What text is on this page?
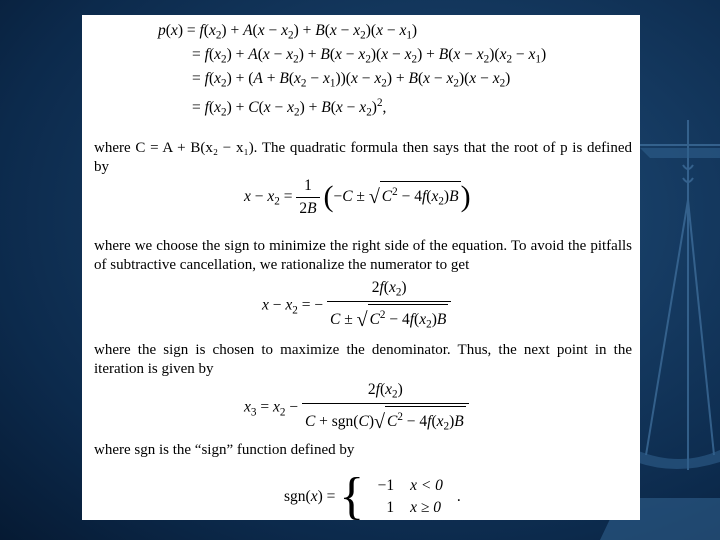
$p(x) = f(x_2) + A(x - x_2) + B(x - x_2)(x - x_1)$
= $f(x_2) + A(x - x_2) + B(x - x_2)(x - x_2) + B(x - x_2)(x_2 - x_1)$
= $f(x_2) + (A + B(x_2 - x_1))(x - x_2) + B(x - x_2)(x - x_2)$
= $f(x_2) + C(x - x_2) + B(x - x_2)^2$,
where C = A + B(x₂ − x₁). The quadratic formula then says that the root of p is defined by
$x - x_2 = \frac{1}{2B} (-C$ ± √ $C^2 - 4f(x_2)B$)
where we choose the sign to minimize the right side of the equation. To avoid the pitfalls of subtractive cancellation, we rationalize the numerator to get
$x - x_2$ = − $\frac{2f(x_2)}{C \pm √ C^2 - 4f(x_2)B}$
where the sign is chosen to maximize the denominator. Thus, the next point in the iteration is given by
$x_3 = x_2 - \frac{2f(x_2)}{C + sgn(C)√ C^2 - 4f(x_2)B}$
where sgn is the “sign” function defined by
sgn(x) = { −1 x < 0
1 x ≥ 0
.
